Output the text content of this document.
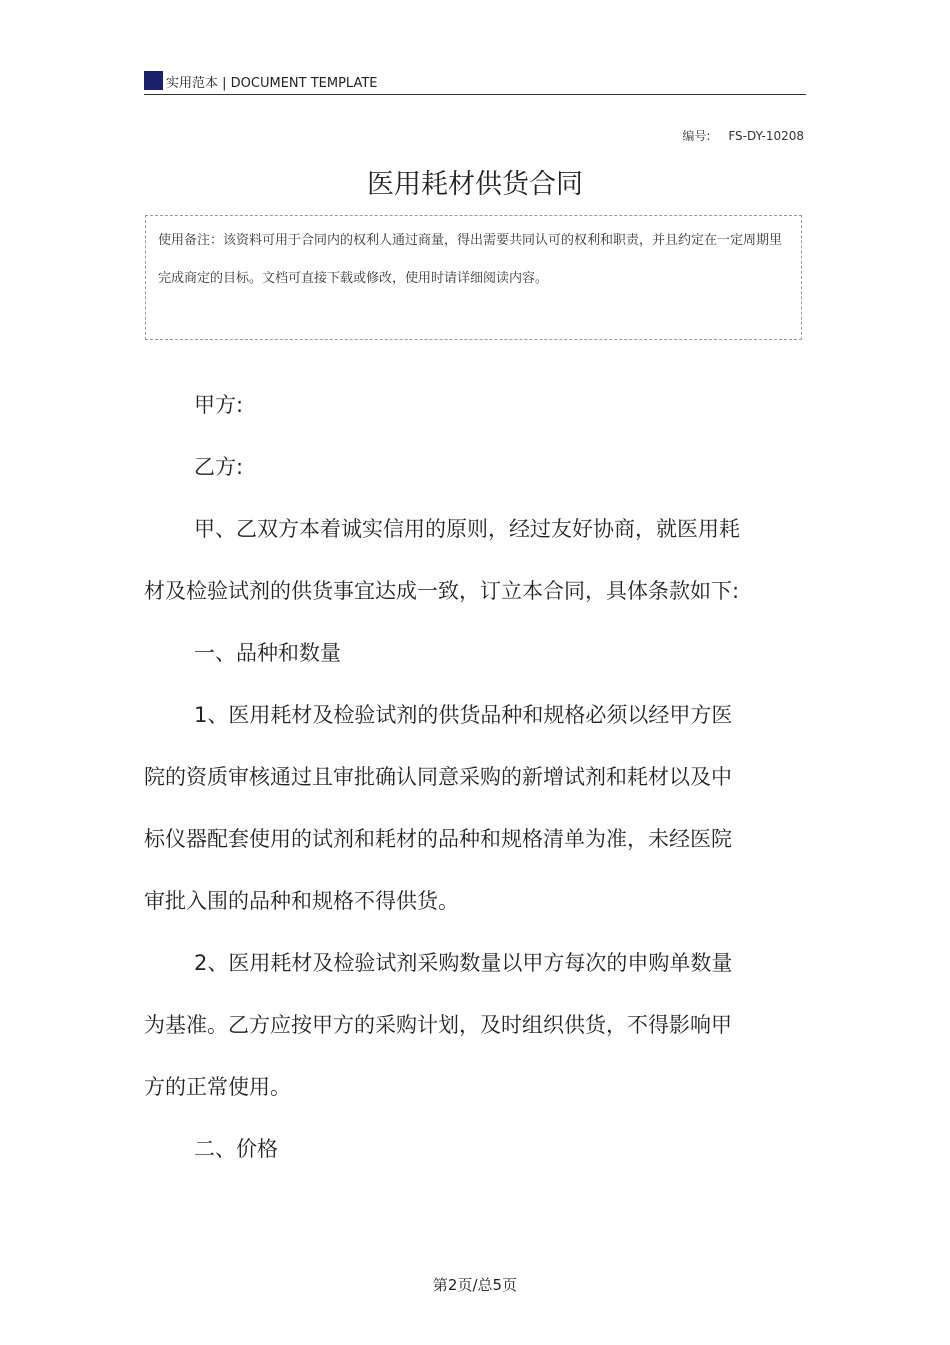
实用范本 | DOCUMENT TEMPLATE
编号: FS-DY-10208
医用耗材供货合同

使用备注：该资料可用于合同内的权利人通过商量，得出需要共同认可的权利和职责，并且约定在一定周期里完成商定的目标。文档可直接下载或修改，使用时请详细阅读内容。

甲方:

乙方:

甲、乙双方本着诚实信用的原则，经过友好协商，就医用耗材及检验试剂的供货事宜达成一致，订立本合同，具体条款如下:

一、品种和数量

1、医用耗材及检验试剂的供货品种和规格必须以经甲方医院的资质审核通过且审批确认同意采购的新增试剂和耗材以及中标仪器配套使用的试剂和耗材的品种和规格清单为准，未经医院审批入围的品种和规格不得供货。

2、医用耗材及检验试剂采购数量以甲方每次的申购单数量为基准。乙方应按甲方的采购计划，及时组织供货，不得影响甲方的正常使用。

二、价格

第2页/总5页
